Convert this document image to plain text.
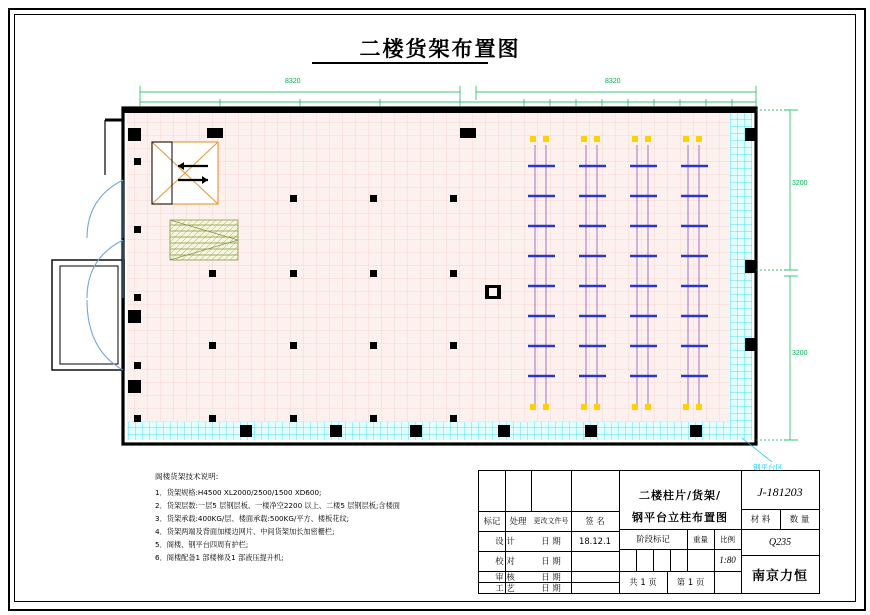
二楼货架布置图
8320	8320
3200
3200
钢平台区
阁楼货架技术说明:
1．货架规格:H4500 XL2000/2500/1500 XD600;
2．货架层数:一层5 层钢层板、一楼净空2200 以上、二楼5 层钢层板;含楼面
3．货架承载:400KG/层、楼面承载:500KG/平方、楼板花纹;
4．货架两端及背面加楼边网片、中间货架加长加密栅栏;
5．阁楼、钢平台四周有护栏;
6．阁楼配备1 部楼梯及1 部液压提升机;
标记	处理	更改文件号	签 名
设 计	日 期	18.12.1
校 对	日 期
审 核	日 期
工 艺	日 期
二楼柱片/货架/
钢平台立柱布置图
阶段标记	重量	比例
1:80
共 1 页	第 1 页
J-181203
材 料	数 量
Q235
南京力恒
